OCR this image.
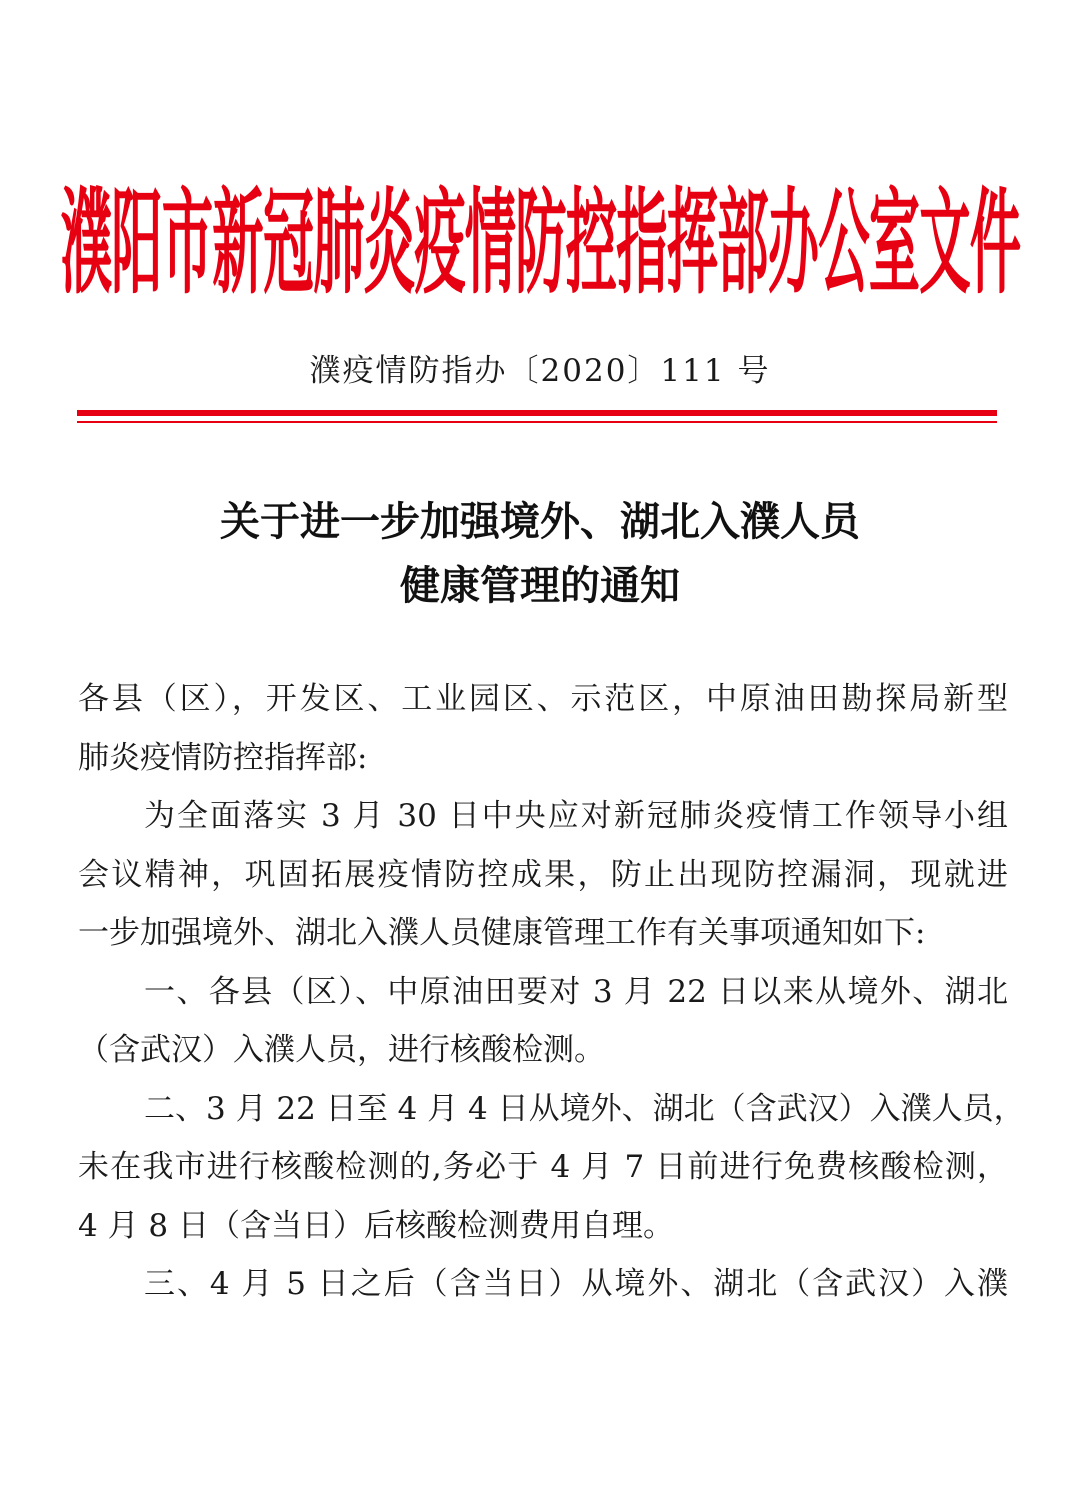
濮阳市新冠肺炎疫情防控指挥部办公室文件
濮疫情防指办〔2020〕111 号
关于进一步加强境外、湖北入濮人员
健康管理的通知
各县（区），开发区、工业园区、示范区，中原油田勘探局新型
肺炎疫情防控指挥部:
为全面落实 3 月 30 日中央应对新冠肺炎疫情工作领导小组
会议精神，巩固拓展疫情防控成果，防止出现防控漏洞，现就进
一步加强境外、湖北入濮人员健康管理工作有关事项通知如下:
一、各县（区）、中原油田要对 3 月 22 日以来从境外、湖北
（含武汉）入濮人员，进行核酸检测。
二、3 月 22 日至 4 月 4 日从境外、湖北（含武汉）入濮人员，
未在我市进行核酸检测的,务必于 4 月 7 日前进行免费核酸检测，
4 月 8 日（含当日）后核酸检测费用自理。
三、4 月 5 日之后（含当日）从境外、湖北（含武汉）入濮
